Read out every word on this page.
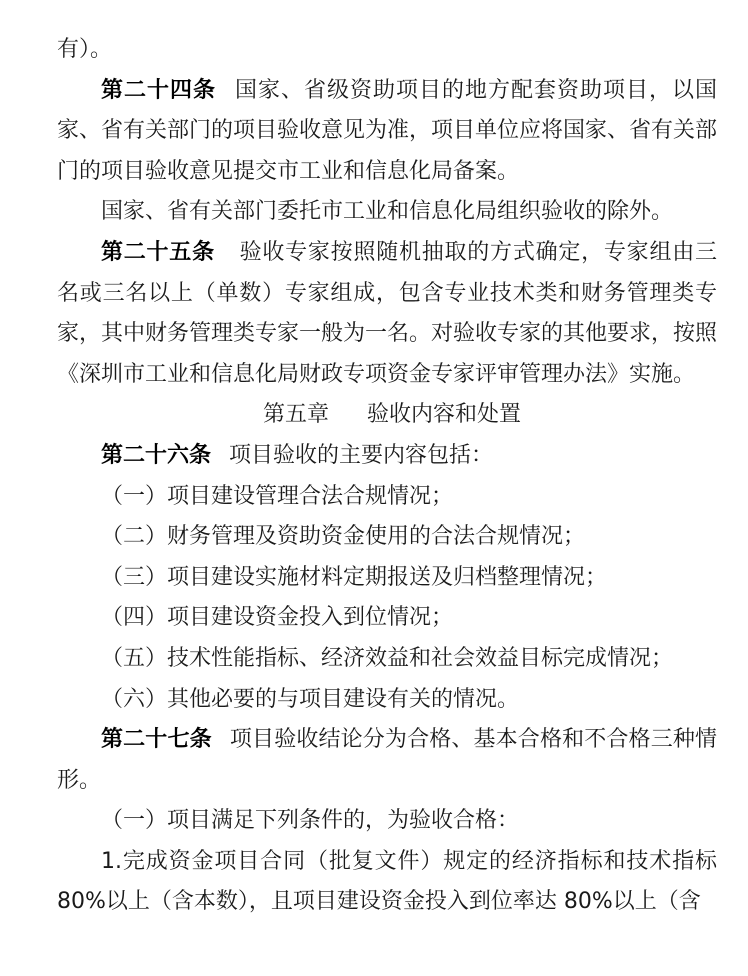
有）。

第二十四条 国家、省级资助项目的地方配套资助项目，以国家、省有关部门的项目验收意见为准，项目单位应将国家、省有关部门的项目验收意见提交市工业和信息化局备案。

国家、省有关部门委托市工业和信息化局组织验收的除外。

第二十五条 验收专家按照随机抽取的方式确定，专家组由三名或三名以上（单数）专家组成，包含专业技术类和财务管理类专家，其中财务管理类专家一般为一名。对验收专家的其他要求，按照《深圳市工业和信息化局财政专项资金专家评审管理办法》实施。

第五章 验收内容和处置

第二十六条 项目验收的主要内容包括：

（一）项目建设管理合法合规情况；

（二）财务管理及资助资金使用的合法合规情况；

（三）项目建设实施材料定期报送及归档整理情况；

（四）项目建设资金投入到位情况；

（五）技术性能指标、经济效益和社会效益目标完成情况；

（六）其他必要的与项目建设有关的情况。

第二十七条 项目验收结论分为合格、基本合格和不合格三种情形。

（一）项目满足下列条件的，为验收合格：

1.完成资金项目合同（批复文件）规定的经济指标和技术指标80%以上（含本数），且项目建设资金投入到位率达 80%以上（含
